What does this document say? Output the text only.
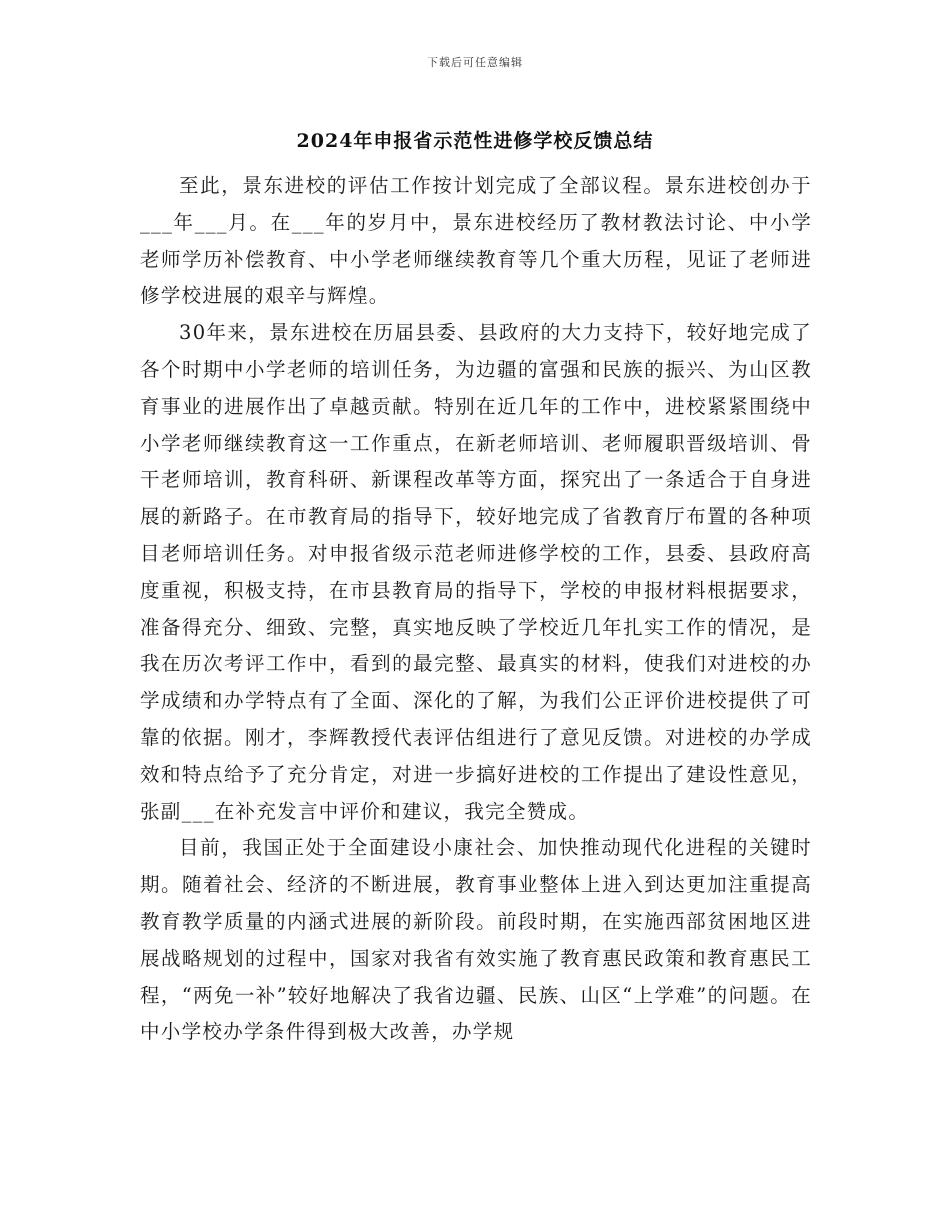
下载后可任意编辑
2024年申报省示范性进修学校反馈总结

至此，景东进校的评估工作按计划完成了全部议程。景东进校创办于___年___月。在___年的岁月中，景东进校经历了教材教法讨论、中小学老师学历补偿教育、中小学老师继续教育等几个重大历程，见证了老师进修学校进展的艰辛与辉煌。

30年来，景东进校在历届县委、县政府的大力支持下，较好地完成了各个时期中小学老师的培训任务，为边疆的富强和民族的振兴、为山区教育事业的进展作出了卓越贡献。特别在近几年的工作中，进校紧紧围绕中小学老师继续教育这一工作重点，在新老师培训、老师履职晋级培训、骨干老师培训，教育科研、新课程改革等方面，探究出了一条适合于自身进展的新路子。在市教育局的指导下，较好地完成了省教育厅布置的各种项目老师培训任务。对申报省级示范老师进修学校的工作，县委、县政府高度重视，积极支持，在市县教育局的指导下，学校的申报材料根据要求，准备得充分、细致、完整，真实地反映了学校近几年扎实工作的情况，是我在历次考评工作中，看到的最完整、最真实的材料，使我们对进校的办学成绩和办学特点有了全面、深化的了解，为我们公正评价进校提供了可靠的依据。刚才，李辉教授代表评估组进行了意见反馈。对进校的办学成效和特点给予了充分肯定，对进一步搞好进校的工作提出了建设性意见，张副___在补充发言中评价和建议，我完全赞成。

目前，我国正处于全面建设小康社会、加快推动现代化进程的关键时期。随着社会、经济的不断进展，教育事业整体上进入到达更加注重提高教育教学质量的内涵式进展的新阶段。前段时期，在实施西部贫困地区进展战略规划的过程中，国家对我省有效实施了教育惠民政策和教育惠民工程，“两免一补”较好地解决了我省边疆、民族、山区“上学难”的问题。在中小学校办学条件得到极大改善，办学规
